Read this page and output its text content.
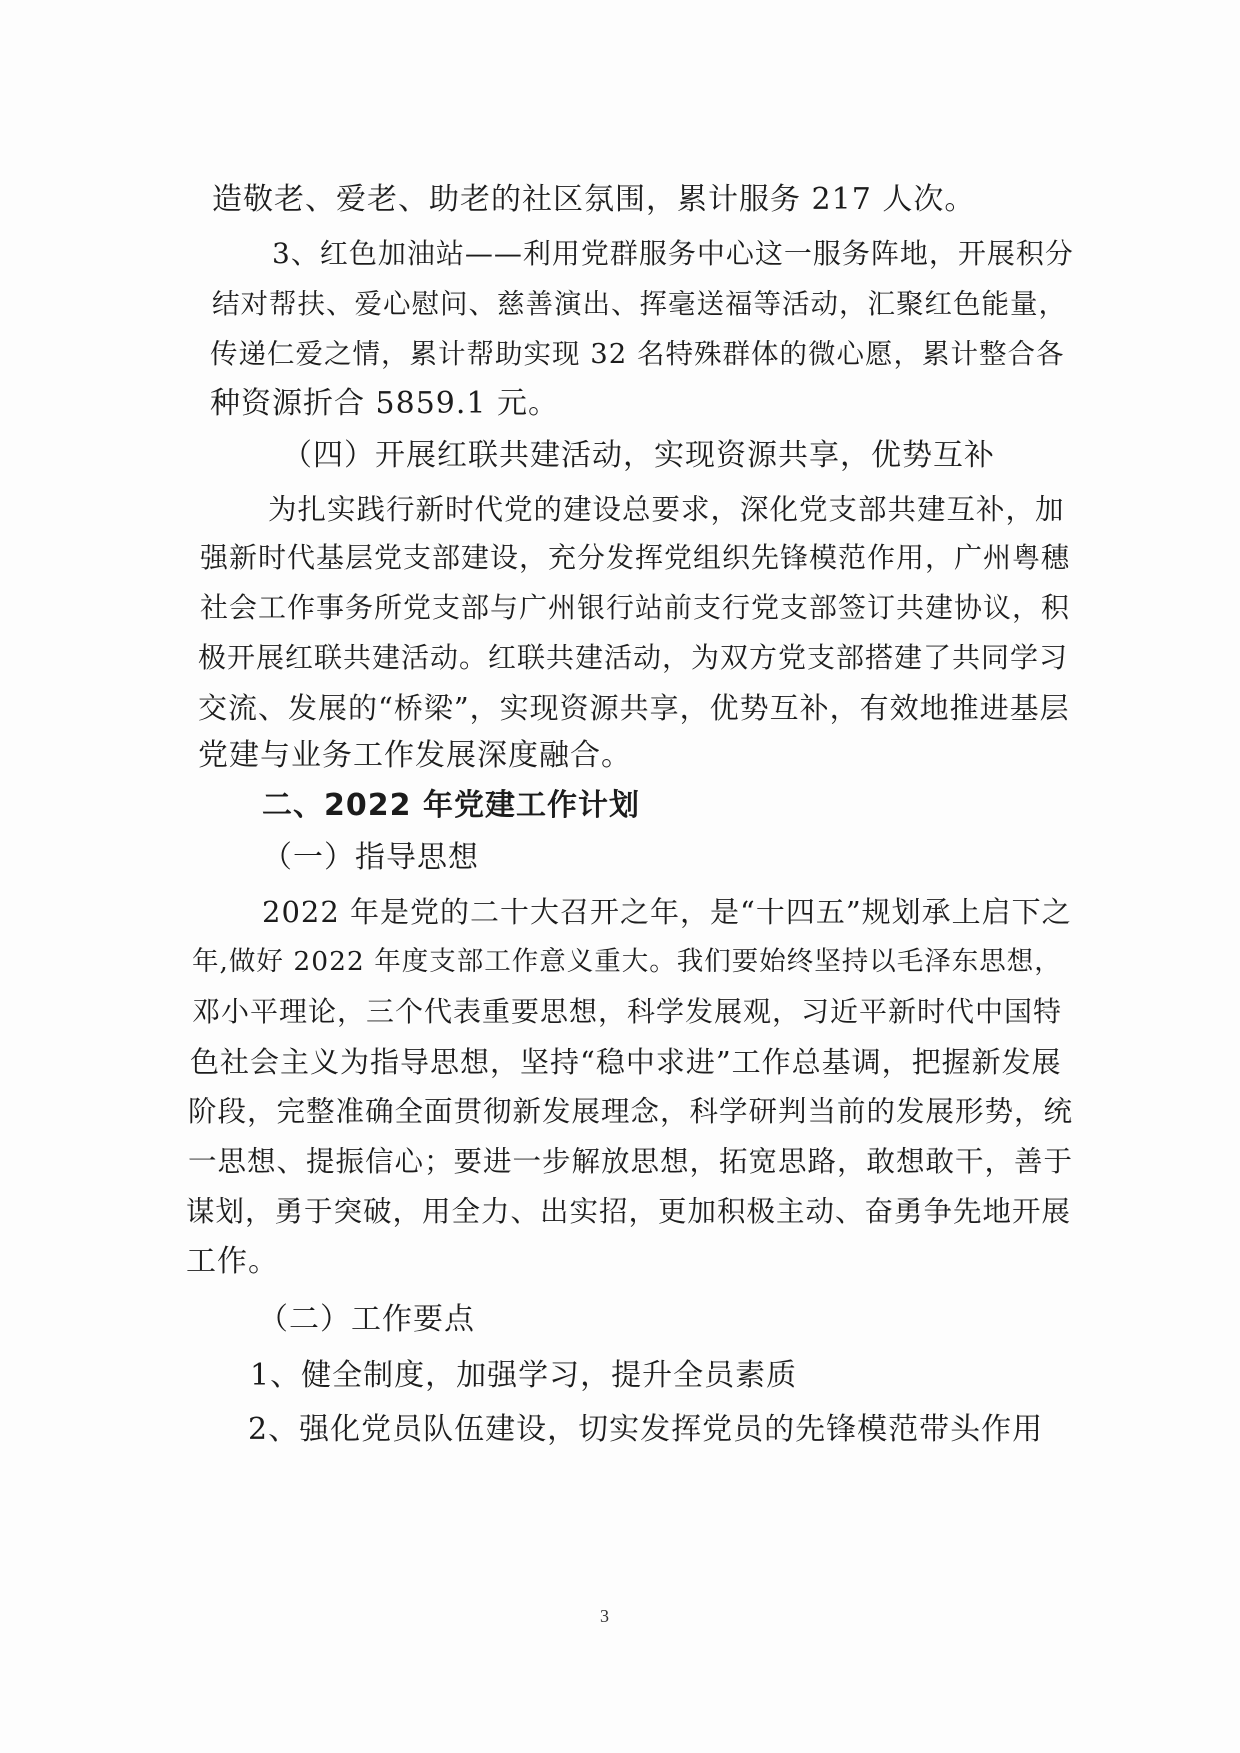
造敬老、爱老、助老的社区氛围，累计服务 217 人次。

3、红色加油站——利用党群服务中心这一服务阵地，开展积分

结对帮扶、爱心慰问、慈善演出、挥毫送福等活动，汇聚红色能量，

传递仁爱之情，累计帮助实现 32 名特殊群体的微心愿，累计整合各

种资源折合 5859.1 元。

（四）开展红联共建活动，实现资源共享，优势互补

为扎实践行新时代党的建设总要求，深化党支部共建互补，加

强新时代基层党支部建设，充分发挥党组织先锋模范作用，广州粤穗

社会工作事务所党支部与广州银行站前支行党支部签订共建协议，积

极开展红联共建活动。红联共建活动，为双方党支部搭建了共同学习

交流、发展的“桥梁”，实现资源共享，优势互补，有效地推进基层

党建与业务工作发展深度融合。

二、2022 年党建工作计划

（一）指导思想

2022 年是党的二十大召开之年，是“十四五”规划承上启下之

年,做好 2022 年度支部工作意义重大。我们要始终坚持以毛泽东思想，

邓小平理论，三个代表重要思想，科学发展观，习近平新时代中国特

色社会主义为指导思想，坚持“稳中求进”工作总基调，把握新发展

阶段，完整准确全面贯彻新发展理念，科学研判当前的发展形势，统

一思想、提振信心；要进一步解放思想，拓宽思路，敢想敢干，善于

谋划，勇于突破，用全力、出实招，更加积极主动、奋勇争先地开展

工作。

（二）工作要点

1、健全制度，加强学习，提升全员素质

2、强化党员队伍建设，切实发挥党员的先锋模范带头作用

3
